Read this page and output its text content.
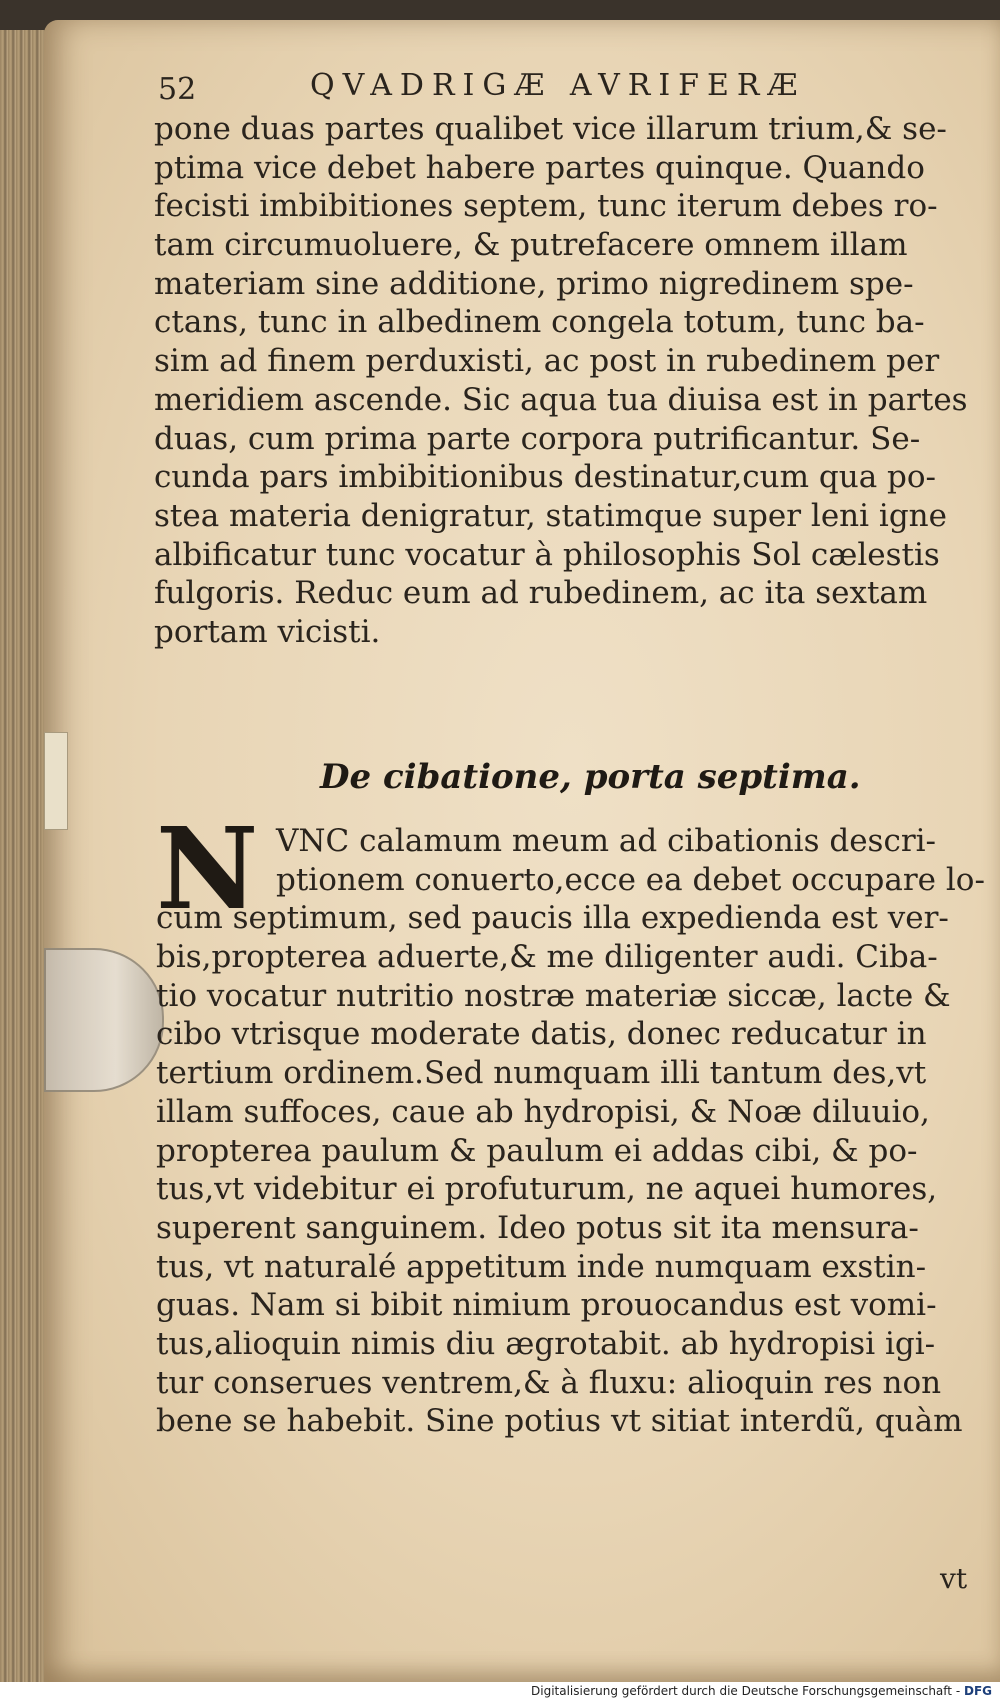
52	QVADRIGÆ AVRIFERÆ
pone duas partes qualibet vice illarum trium,& se-
ptima vice debet habere partes quinque. Quando
fecisti imbibitiones septem, tunc iterum debes ro-
tam circumuoluere, & putrefacere omnem illam
materiam sine additione, primo nigredinem spe-
ctans, tunc in albedinem congela totum, tunc ba-
sim ad finem perduxisti, ac post in rubedinem per
meridiem ascende. Sic aqua tua diuisa est in partes
duas, cum prima parte corpora putrificantur. Se-
cunda pars imbibitionibus destinatur,cum qua po-
stea materia denigratur, statimque super leni igne
albificatur tunc vocatur à philosophis Sol cælestis
fulgoris. Reduc eum ad rubedinem, ac ita sextam
portam vicisti.
De cibatione, porta septima.
N VNC calamum meum ad cibationis descri-
ptionem conuerto,ecce ea debet occupare lo-
cum septimum, sed paucis illa expedienda est ver-
bis,propterea aduerte,& me diligenter audi. Ciba-
tio vocatur nutritio nostræ materiæ siccæ, lacte &
cibo vtrisque moderate datis, donec reducatur in
tertium ordinem.Sed numquam illi tantum des,vt
illam suffoces, caue ab hydropisi, & Noæ diluuio,
propterea paulum & paulum ei addas cibi, & po-
tus,vt videbitur ei profuturum, ne aquei humores,
superent sanguinem. Ideo potus sit ita mensura-
tus, vt naturalé appetitum inde numquam exstin-
guas. Nam si bibit nimium prouocandus est vomi-
tus,alioquin nimis diu ægrotabit. ab hydropisi igi-
tur conserues ventrem,& à fluxu: alioquin res non
bene se habebit. Sine potius vt sitiat interdũ, quàm
vt
Digitalisierung gefördert durch die Deutsche Forschungsgemeinschaft - DFG
